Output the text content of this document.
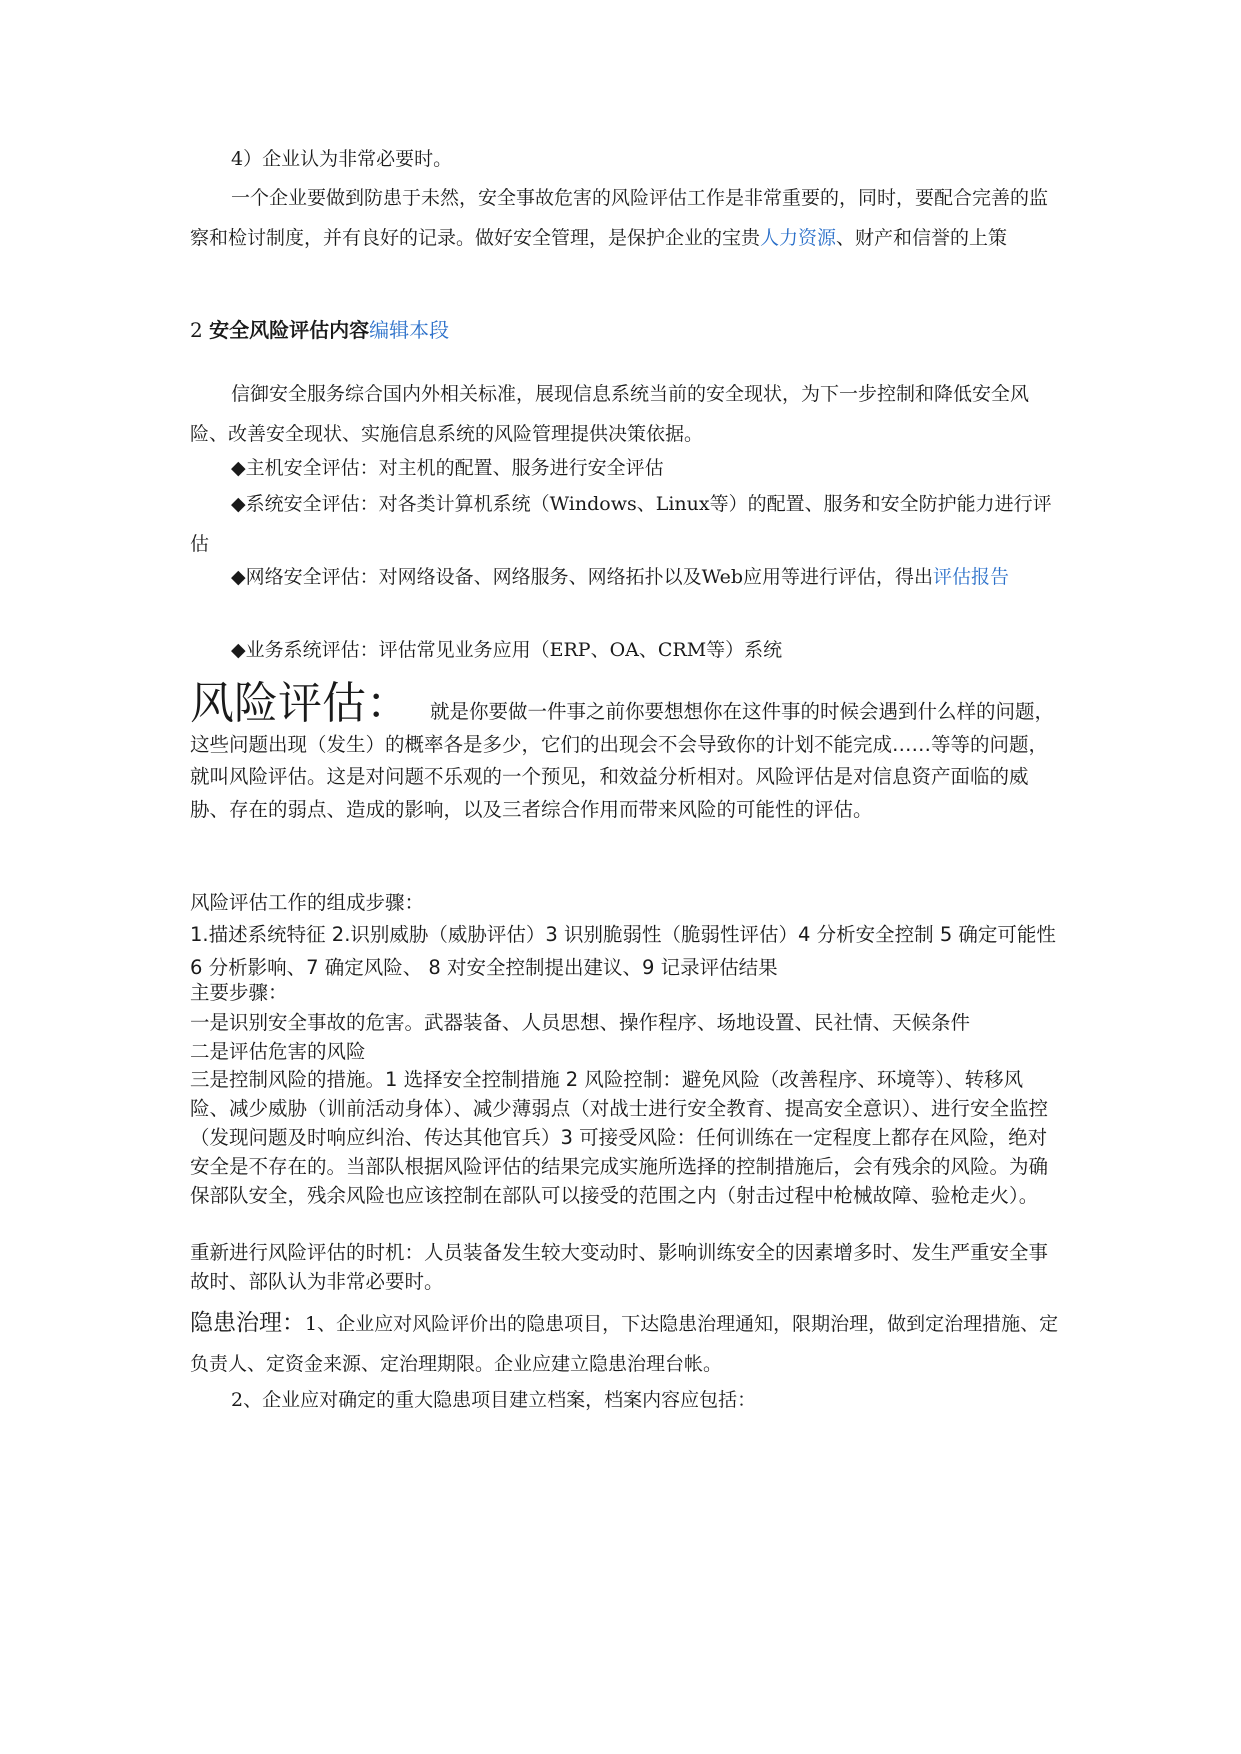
4）企业认为非常必要时。

一个企业要做到防患于未然，安全事故危害的风险评估工作是非常重要的，同时，要配合完善的监察和检讨制度，并有良好的记录。做好安全管理，是保护企业的宝贵人力资源、财产和信誉的上策

2 安全风险评估内容编辑本段

信御安全服务综合国内外相关标准，展现信息系统当前的安全现状，为下一步控制和降低安全风险、改善安全现状、实施信息系统的风险管理提供决策依据。

◆主机安全评估：对主机的配置、服务进行安全评估

◆系统安全评估：对各类计算机系统（Windows、Linux等）的配置、服务和安全防护能力进行评估

◆网络安全评估：对网络设备、网络服务、网络拓扑以及Web应用等进行评估，得出评估报告

◆业务系统评估：评估常见业务应用（ERP、OA、CRM等）系统

风险评估： 就是你要做一件事之前你要想想你在这件事的时候会遇到什么样的问题，这些问题出现（发生）的概率各是多少，它们的出现会不会导致你的计划不能完成……等等的问题，就叫风险评估。这是对问题不乐观的一个预见，和效益分析相对。风险评估是对信息资产面临的威胁、存在的弱点、造成的影响，以及三者综合作用而带来风险的可能性的评估。

风险评估工作的组成步骤：

1.描述系统特征 2.识别威胁（威胁评估）3 识别脆弱性（脆弱性评估）4 分析安全控制 5 确定可能性 6 分析影响、7 确定风险、 8 对安全控制提出建议、9 记录评估结果

主要步骤：

一是识别安全事故的危害。武器装备、人员思想、操作程序、场地设置、民社情、天候条件

二是评估危害的风险

三是控制风险的措施。1 选择安全控制措施 2 风险控制：避免风险（改善程序、环境等）、转移风险、减少威胁（训前活动身体）、减少薄弱点（对战士进行安全教育、提高安全意识）、进行安全监控（发现问题及时响应纠治、传达其他官兵）3 可接受风险：任何训练在一定程度上都存在风险，绝对安全是不存在的。当部队根据风险评估的结果完成实施所选择的控制措施后，会有残余的风险。为确保部队安全，残余风险也应该控制在部队可以接受的范围之内（射击过程中枪械故障、验枪走火）。

重新进行风险评估的时机：人员装备发生较大变动时、影响训练安全的因素增多时、发生严重安全事故时、部队认为非常必要时。

隐患治理：1、企业应对风险评价出的隐患项目，下达隐患治理通知，限期治理，做到定治理措施、定负责人、定资金来源、定治理期限。企业应建立隐患治理台帐。

2、企业应对确定的重大隐患项目建立档案，档案内容应包括：
